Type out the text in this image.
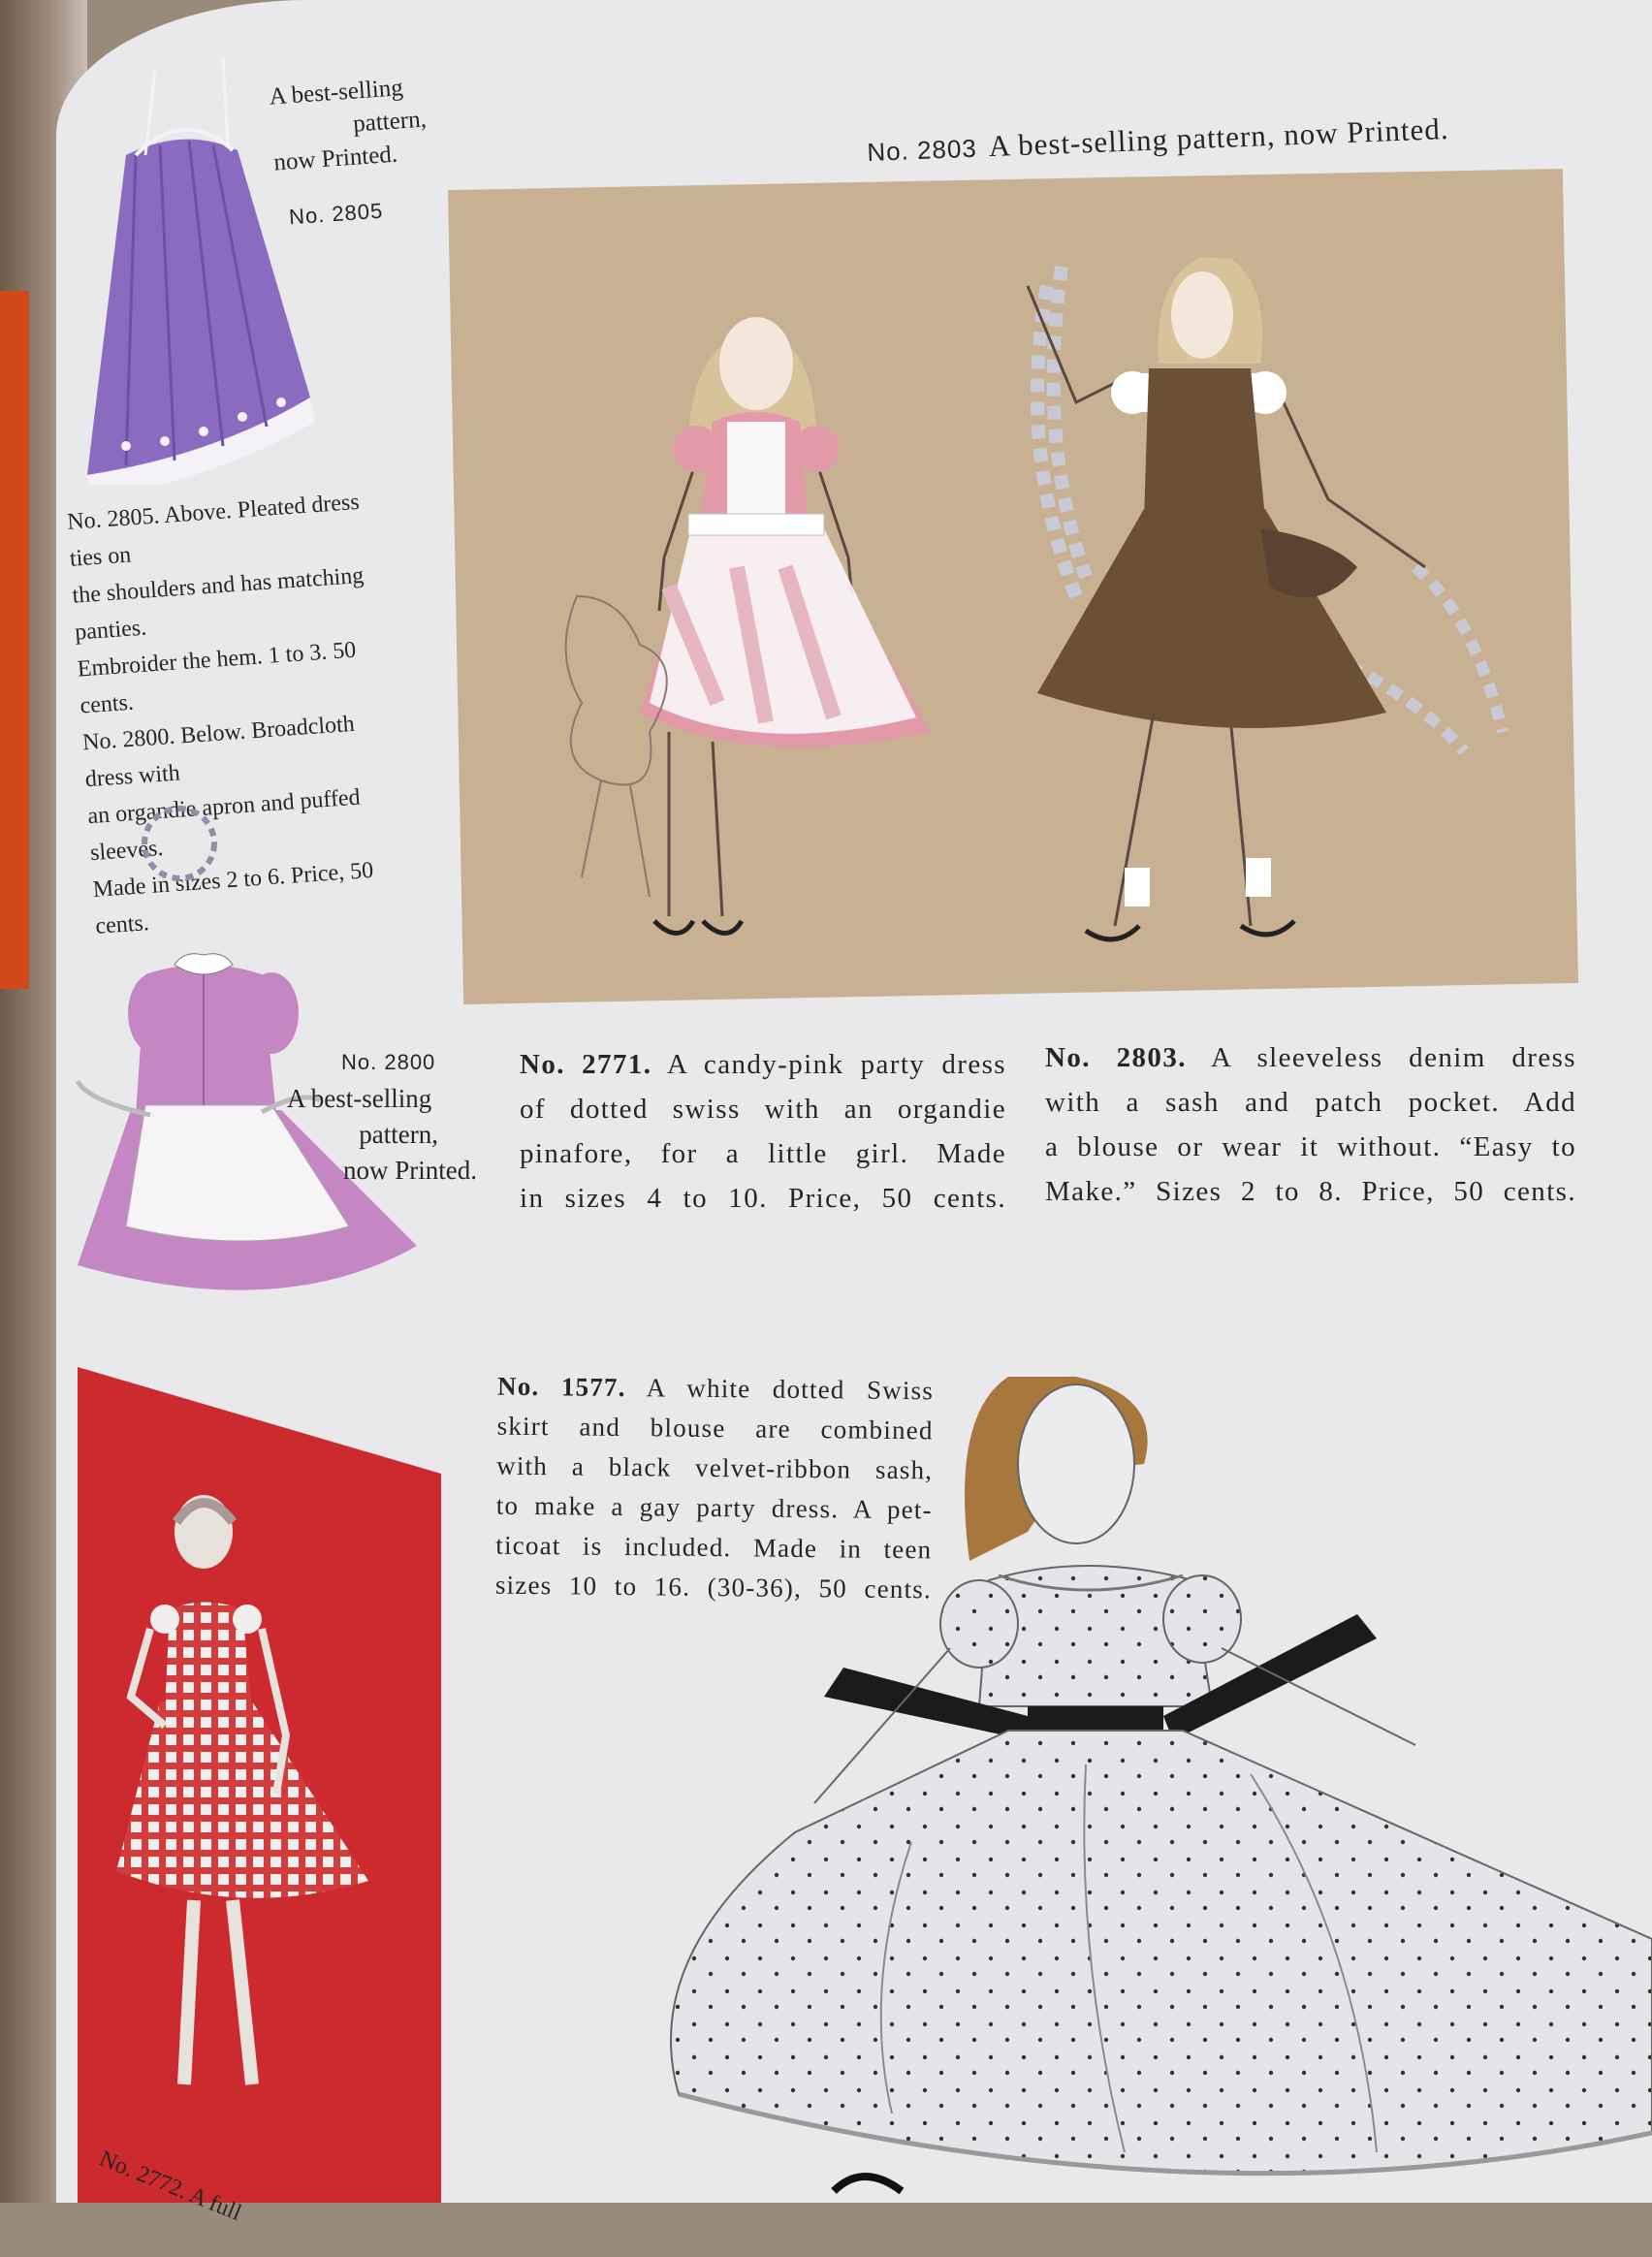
A best-selling
pattern,
now Printed.
No. 2805
No. 2805. Above. Pleated dress ties on
the shoulders and has matching panties.
Embroider the hem. 1 to 3. 50 cents.
No. 2800. Below. Broadcloth dress with
an organdie apron and puffed sleeves.
Made in sizes 2 to 6. Price, 50 cents.
No. 2803 A best-selling pattern, now Printed.
No. 2800
A best-selling
pattern,
now Printed.
No. 2771. A candy-pink party dress
of dotted swiss with an organdie
pinafore, for a little girl. Made
in sizes 4 to 10. Price, 50 cents.
No. 2803. A sleeveless denim dress
with a sash and patch pocket. Add
a blouse or wear it without. “Easy to
Make.” Sizes 2 to 8. Price, 50 cents.
No. 2772. A full
No. 1577. A white dotted Swiss
skirt and blouse are combined
with a black velvet-ribbon sash,
to make a gay party dress. A pet-
ticoat is included. Made in teen
sizes 10 to 16. (30-36), 50 cents.
